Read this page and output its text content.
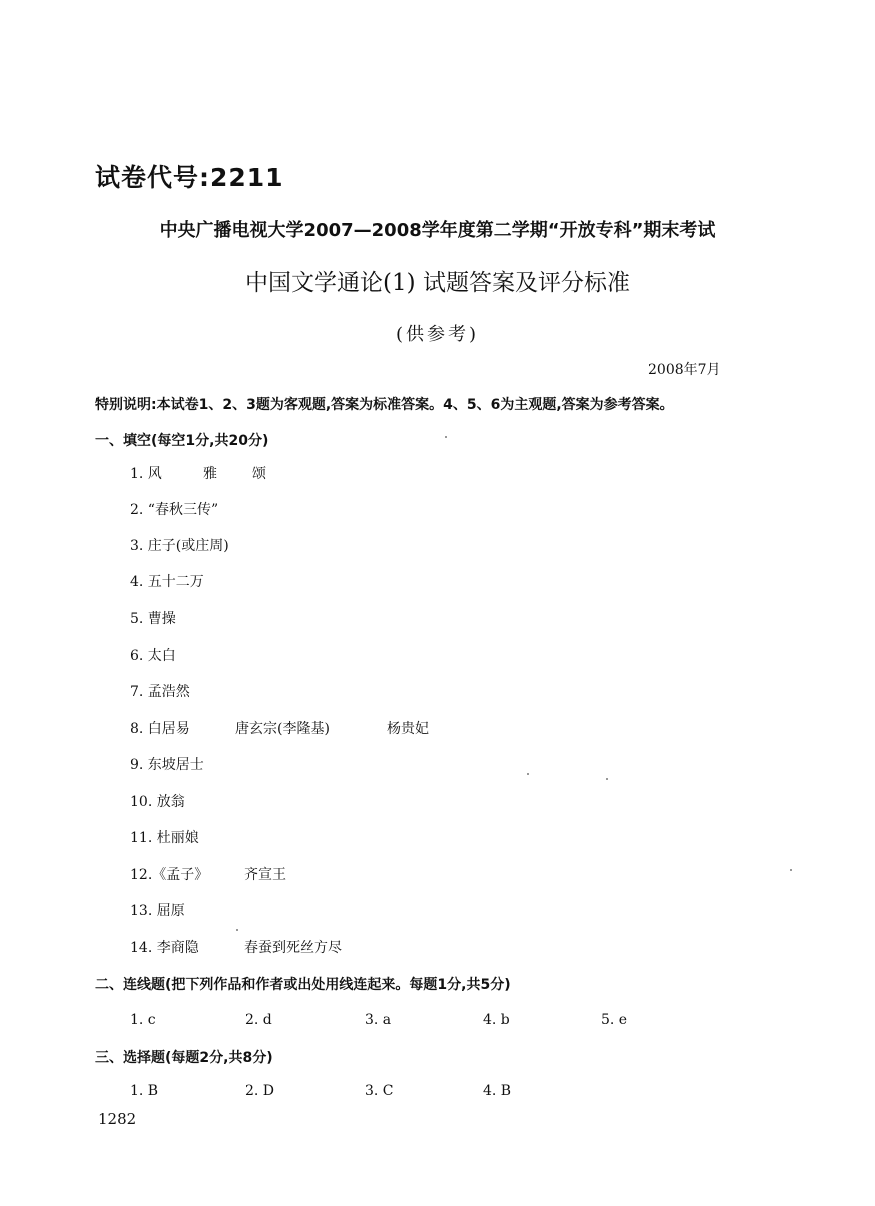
试卷代号:2211
中央广播电视大学2007—2008学年度第二学期“开放专科”期末考试
中国文学通论(1) 试题答案及评分标准
(供参考)
2008年7月
特别说明:本试卷1、2、3题为客观题,答案为标准答案。4、5、6为主观题,答案为参考答案。
一、填空(每空1分,共20分)
1. 风	雅	颂
2. “春秋三传”
3. 庄子(或庄周)
4. 五十二万
5. 曹操
6. 太白
7. 孟浩然
8. 白居易	唐玄宗(李隆基)	杨贵妃
9. 东坡居士
10. 放翁
11. 杜丽娘
12.《孟子》	齐宣王
13. 屈原
14. 李商隐	春蚕到死丝方尽
二、连线题(把下列作品和作者或出处用线连起来。每题1分,共5分)
1. c	2. d	3. a	4. b	5. e
三、选择题(每题2分,共8分)
1. B	2. D	3. C	4. B
1282
